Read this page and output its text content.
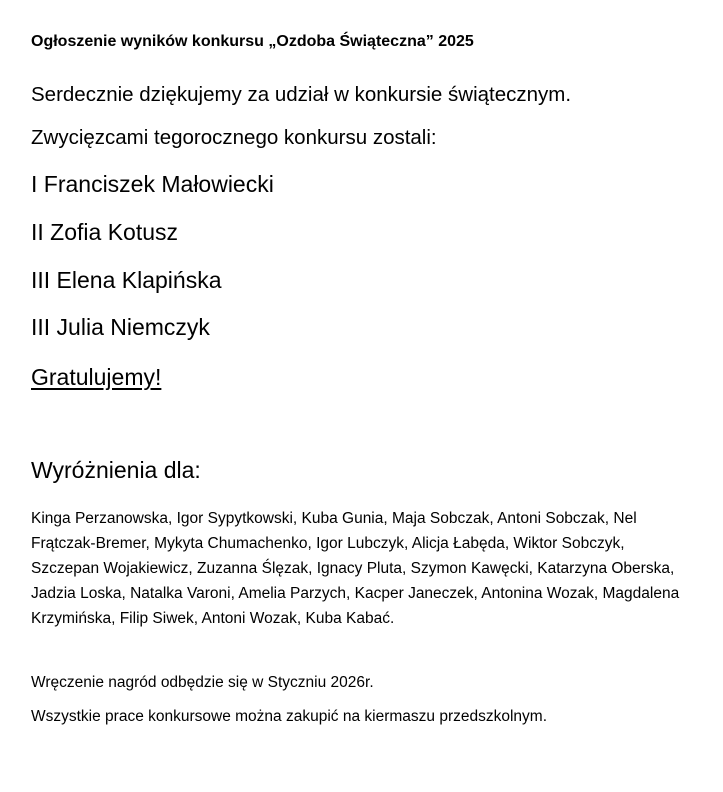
Ogłoszenie wyników konkursu „Ozdoba Świąteczna” 2025
Serdecznie dziękujemy za udział w konkursie świątecznym.
Zwycięzcami tegorocznego konkursu zostali:
I Franciszek Małowiecki
II Zofia Kotusz
III Elena Klapińska
III Julia Niemczyk
Gratulujemy!
Wyróżnienia dla:

Kinga Perzanowska, Igor Sypytkowski, Kuba Gunia, Maja Sobczak, Antoni Sobczak, Nel Frątczak-Bremer, Mykyta Chumachenko, Igor Lubczyk, Alicja Łabęda, Wiktor Sobczyk, Szczepan Wojakiewicz, Zuzanna Ślęzak, Ignacy Pluta, Szymon Kawęcki, Katarzyna Oberska, Jadzia Loska, Natalka Varoni, Amelia Parzych, Kacper Janeczek, Antonina Wozak, Magdalena Krzymińska, Filip Siwek, Antoni Wozak, Kuba Kabać.

Wręczenie nagród odbędzie się w Styczniu 2026r.
Wszystkie prace konkursowe można zakupić na kiermaszu przedszkolnym.
